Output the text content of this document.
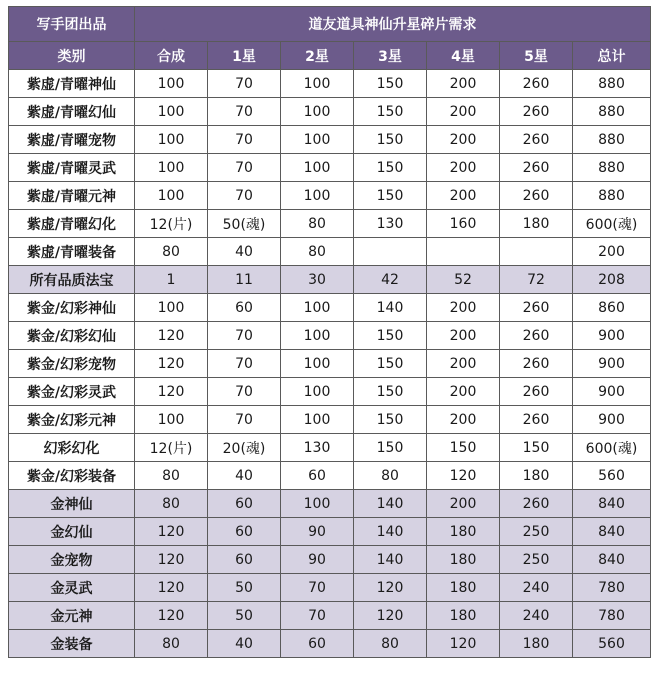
写手团出品	道友道具神仙升星碎片需求						
类别	合成	1星	2星	3星	4星	5星	总计
紫虚/青曜神仙	100	70	100	150	200	260	880
紫虚/青曜幻仙	100	70	100	150	200	260	880
紫虚/青曜宠物	100	70	100	150	200	260	880
紫虚/青曜灵武	100	70	100	150	200	260	880
紫虚/青曜元神	100	70	100	150	200	260	880
紫虚/青曜幻化	12(片)	50(魂)	80	130	160	180	600(魂)
紫虚/青曜装备	80	40	80				200
所有品质法宝	1	11	30	42	52	72	208
紫金/幻彩神仙	100	60	100	140	200	260	860
紫金/幻彩幻仙	120	70	100	150	200	260	900
紫金/幻彩宠物	120	70	100	150	200	260	900
紫金/幻彩灵武	120	70	100	150	200	260	900
紫金/幻彩元神	100	70	100	150	200	260	900
幻彩幻化	12(片)	20(魂)	130	150	150	150	600(魂)
紫金/幻彩装备	80	40	60	80	120	180	560
金神仙	80	60	100	140	200	260	840
金幻仙	120	60	90	140	180	250	840
金宠物	120	60	90	140	180	250	840
金灵武	120	50	70	120	180	240	780
金元神	120	50	70	120	180	240	780
金装备	80	40	60	80	120	180	560
